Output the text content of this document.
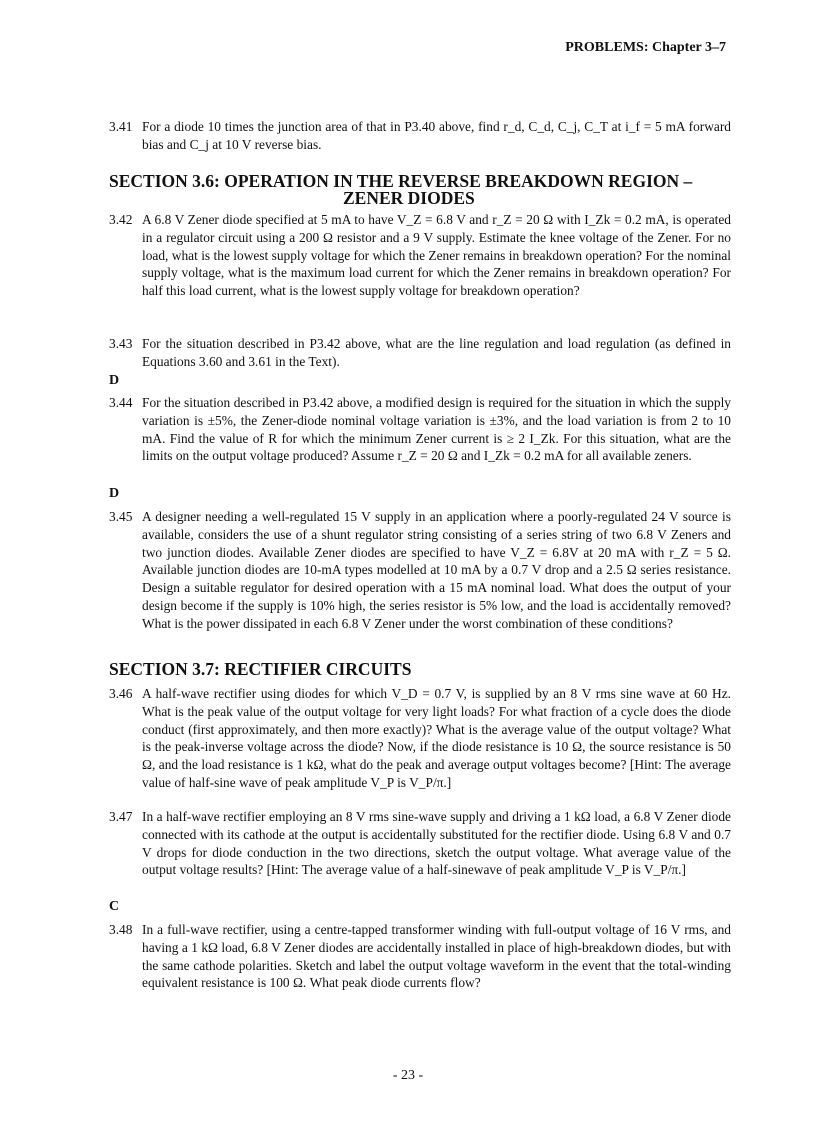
PROBLEMS: Chapter 3–7
3.41 For a diode 10 times the junction area of that in P3.40 above, find r_d, C_d, C_j, C_T at i_f = 5 mA forward bias and C_j at 10 V reverse bias.
SECTION 3.6: OPERATION IN THE REVERSE BREAKDOWN REGION –
ZENER DIODES
3.42 A 6.8 V Zener diode specified at 5 mA to have V_Z = 6.8 V and r_Z = 20 Ω with I_Zk = 0.2 mA, is operated in a regulator circuit using a 200 Ω resistor and a 9 V supply. Estimate the knee voltage of the Zener. For no load, what is the lowest supply voltage for which the Zener remains in breakdown operation? For the nominal supply voltage, what is the maximum load current for which the Zener remains in breakdown operation? For half this load current, what is the lowest supply voltage for breakdown operation?
3.43 For the situation described in P3.42 above, what are the line regulation and load regulation (as defined in Equations 3.60 and 3.61 in the Text).
D
3.44 For the situation described in P3.42 above, a modified design is required for the situation in which the supply variation is ±5%, the Zener-diode nominal voltage variation is ±3%, and the load variation is from 2 to 10 mA. Find the value of R for which the minimum Zener current is ≥ 2 I_Zk. For this situation, what are the limits on the output voltage produced? Assume r_Z = 20 Ω and I_Zk = 0.2 mA for all available zeners.
D
3.45 A designer needing a well-regulated 15 V supply in an application where a poorly-regulated 24 V source is available, considers the use of a shunt regulator string consisting of a series string of two 6.8 V Zeners and two junction diodes. Available Zener diodes are specified to have V_Z = 6.8V at 20 mA with r_Z = 5 Ω. Available junction diodes are 10-mA types modelled at 10 mA by a 0.7 V drop and a 2.5 Ω series resistance. Design a suitable regulator for desired operation with a 15 mA nominal load. What does the output of your design become if the supply is 10% high, the series resistor is 5% low, and the load is accidentally removed? What is the power dissipated in each 6.8 V Zener under the worst combination of these conditions?
SECTION 3.7: RECTIFIER CIRCUITS
3.46 A half-wave rectifier using diodes for which V_D = 0.7 V, is supplied by an 8 V rms sine wave at 60 Hz. What is the peak value of the output voltage for very light loads? For what fraction of a cycle does the diode conduct (first approximately, and then more exactly)? What is the average value of the output voltage? What is the peak-inverse voltage across the diode? Now, if the diode resistance is 10 Ω, the source resistance is 50 Ω, and the load resistance is 1 kΩ, what do the peak and average output voltages become? [Hint: The average value of half-sine wave of peak amplitude V_P is V_P/π.]
3.47 In a half-wave rectifier employing an 8 V rms sine-wave supply and driving a 1 kΩ load, a 6.8 V Zener diode connected with its cathode at the output is accidentally substituted for the rectifier diode. Using 6.8 V and 0.7 V drops for diode conduction in the two directions, sketch the output voltage. What average value of the output voltage results? [Hint: The average value of a half-sinewave of peak amplitude V_P is V_P/π.]
C
3.48 In a full-wave rectifier, using a centre-tapped transformer winding with full-output voltage of 16 V rms, and having a 1 kΩ load, 6.8 V Zener diodes are accidentally installed in place of high-breakdown diodes, but with the same cathode polarities. Sketch and label the output voltage waveform in the event that the total-winding equivalent resistance is 100 Ω. What peak diode currents flow?
- 23 -
